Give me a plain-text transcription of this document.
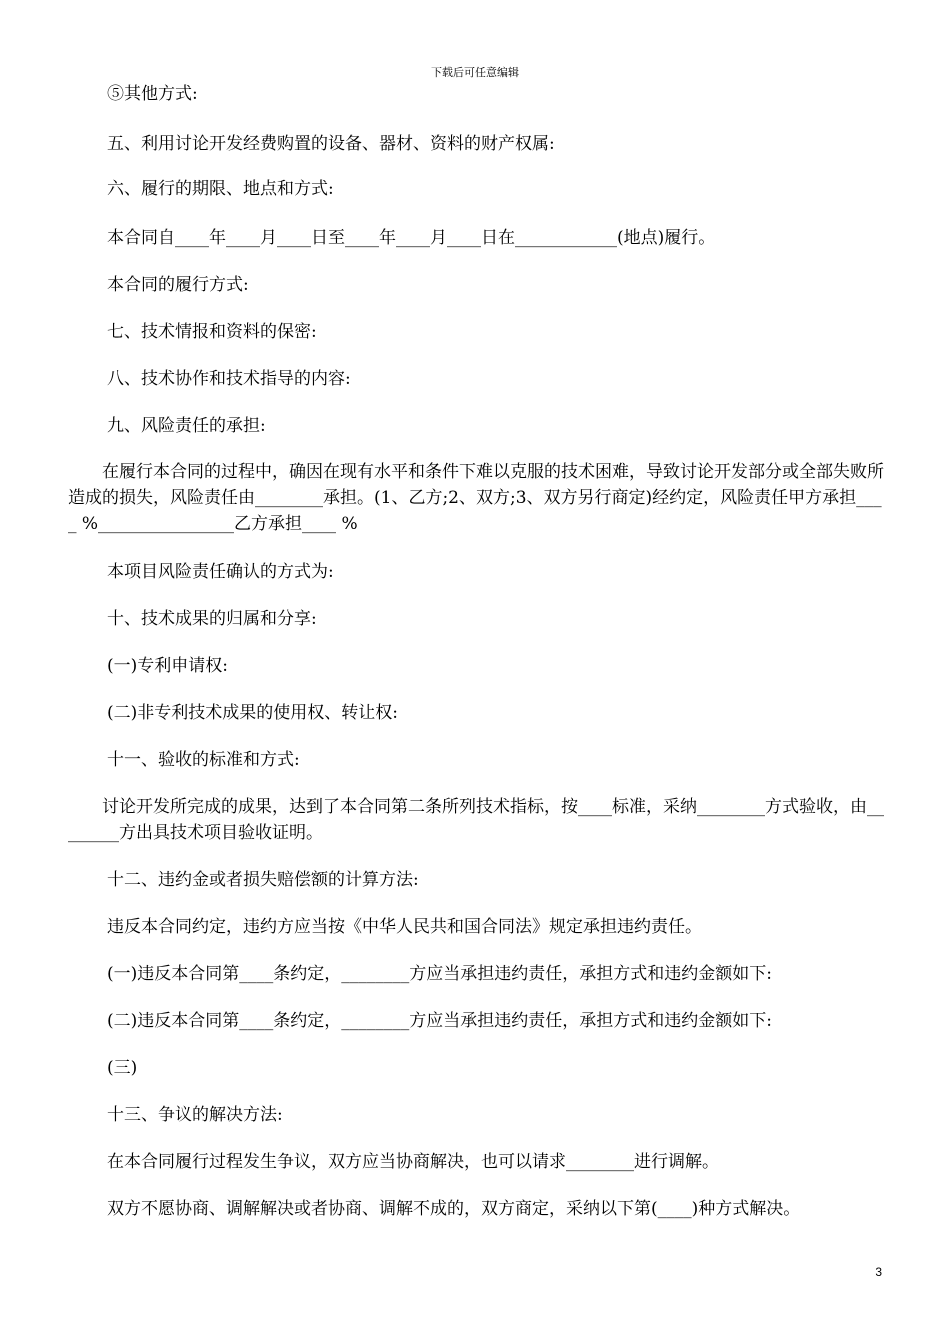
下载后可任意编辑
⑤其他方式:
五、利用讨论开发经费购置的设备、器材、资料的财产权属:
六、履行的期限、地点和方式:
本合同自____年____月____日至____年____月____日在____________(地点)履行。
本合同的履行方式:
七、技术情报和资料的保密:
八、技术协作和技术指导的内容:
九、风险责任的承担:
　　在履行本合同的过程中，确因在现有水平和条件下难以克服的技术困难，导致讨论开发部分或全部失败所造成的损失，风险责任由________承担。(1、乙方;2、双方;3、双方另行商定)经约定，风险责任甲方承担____ %________________乙方承担____ %
本项目风险责任确认的方式为:
十、技术成果的归属和分享:
(一)专利申请权:
(二)非专利技术成果的使用权、转让权:
十一、验收的标准和方式:
　　讨论开发所完成的成果，达到了本合同第二条所列技术指标，按____标准，采纳________方式验收，由________方出具技术项目验收证明。
十二、违约金或者损失赔偿额的计算方法:
违反本合同约定，违约方应当按《中华人民共和国合同法》规定承担违约责任。
(一)违反本合同第____条约定，________方应当承担违约责任，承担方式和违约金额如下:
(二)违反本合同第____条约定，________方应当承担违约责任，承担方式和违约金额如下:
(三)
十三、争议的解决方法:
在本合同履行过程发生争议，双方应当协商解决，也可以请求________进行调解。
双方不愿协商、调解解决或者协商、调解不成的，双方商定，采纳以下第(____)种方式解决。
3
